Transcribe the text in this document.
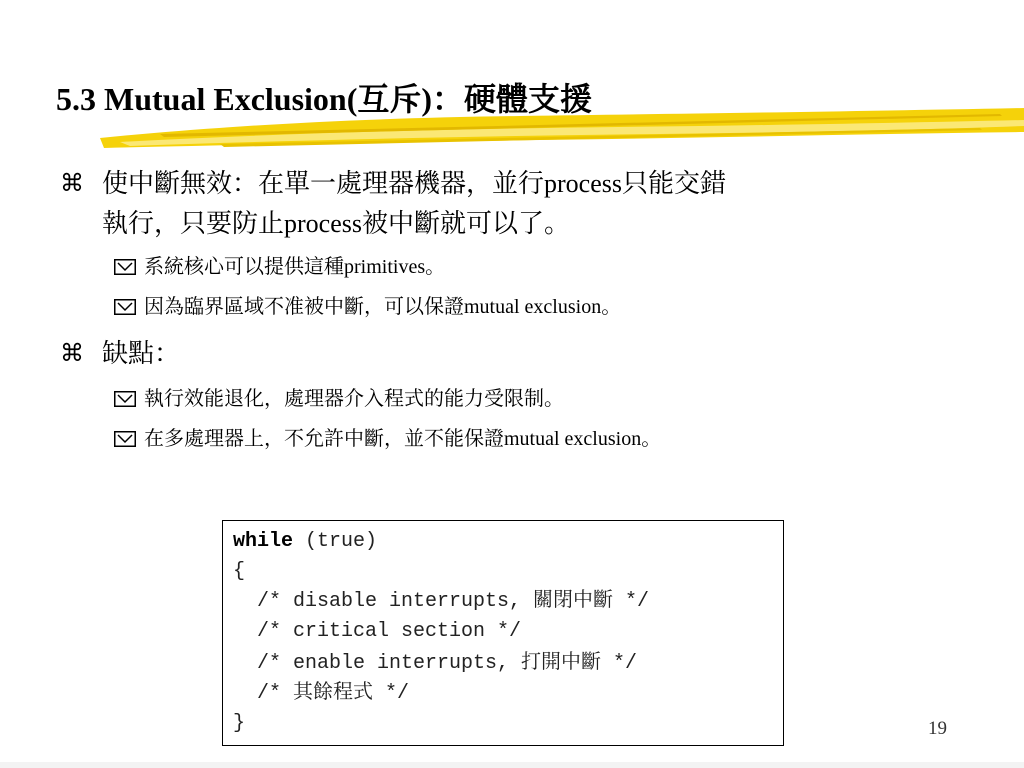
5.3 Mutual Exclusion(互斥)：硬體支援
⌘ 使中斷無效：在單一處理器機器，並行process只能交錯
執行，只要防止process被中斷就可以了。
系統核心可以提供這種primitives。
因為臨界區域不准被中斷，可以保證mutual exclusion。
⌘ 缺點：
執行效能退化，處理器介入程式的能力受限制。
在多處理器上，不允許中斷，並不能保證mutual exclusion。
while (true)
{
/* disable interrupts, 關閉中斷 */
/* critical section */
/* enable interrupts, 打開中斷 */
/* 其餘程式 */
}	19
